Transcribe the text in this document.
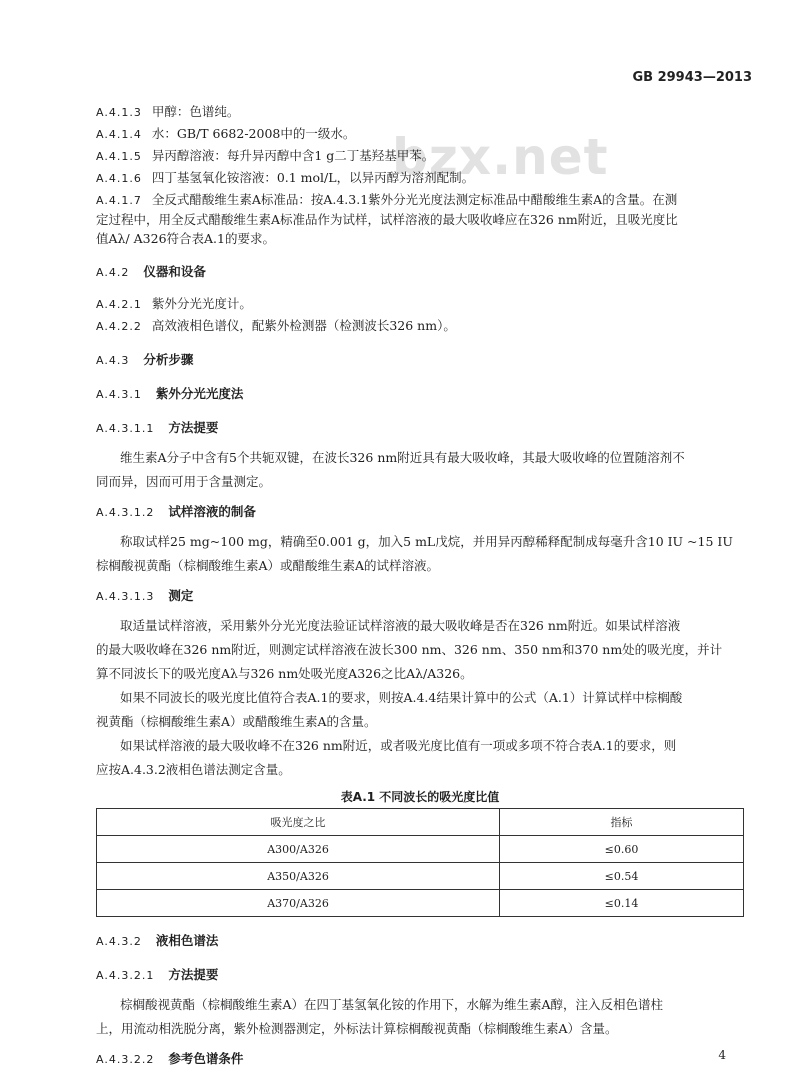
bzx.net
GB 29943—2013

A.4.1.3 甲醇：色谱纯。

A.4.1.4 水：GB/T 6682-2008中的一级水。

A.4.1.5 异丙醇溶液：每升异丙醇中含1 g二丁基羟基甲苯。

A.4.1.6 四丁基氢氧化铵溶液：0.1 mol/L，以异丙醇为溶剂配制。

A.4.1.7 全反式醋酸维生素A标准品：按A.4.3.1紫外分光光度法测定标准品中醋酸维生素A的含量。在测

定过程中，用全反式醋酸维生素A标准品作为试样，试样溶液的最大吸收峰应在326 nm附近，且吸光度比

值Aλ/ A326符合表A.1的要求。

A.4.2 仪器和设备

A.4.2.1 紫外分光光度计。

A.4.2.2 高效液相色谱仪，配紫外检测器（检测波长326 nm）。

A.4.3 分析步骤
A.4.3.1 紫外分光光度法
A.4.3.1.1 方法提要
维生素A分子中含有5个共轭双键，在波长326 nm附近具有最大吸收峰，其最大吸收峰的位置随溶剂不
同而异，因而可用于含量测定。
A.4.3.1.2 试样溶液的制备
称取试样25 mg~100 mg，精确至0.001 g，加入5 mL戊烷，并用异丙醇稀释配制成每毫升含10 IU ~15 IU
棕榈酸视黄酯（棕榈酸维生素A）或醋酸维生素A的试样溶液。
A.4.3.1.3 测定
取适量试样溶液，采用紫外分光光度法验证试样溶液的最大吸收峰是否在326 nm附近。如果试样溶液
的最大吸收峰在326 nm附近，则测定试样溶液在波长300 nm、326 nm、350 nm和370 nm处的吸光度，并计
算不同波长下的吸光度Aλ与326 nm处吸光度A326之比Aλ/A326。
如果不同波长的吸光度比值符合表A.1的要求，则按A.4.4结果计算中的公式（A.1）计算试样中棕榈酸
视黄酯（棕榈酸维生素A）或醋酸维生素A的含量。
如果试样溶液的最大吸收峰不在326 nm附近，或者吸光度比值有一项或多项不符合表A.1的要求，则
应按A.4.3.2液相色谱法测定含量。
表A.1 不同波长的吸光度比值
吸光度之比	指标
A300/A326	≤0.60
A350/A326	≤0.54
A370/A326	≤0.14
A.4.3.2 液相色谱法
A.4.3.2.1 方法提要
棕榈酸视黄酯（棕榈酸维生素A）在四丁基氢氧化铵的作用下，水解为维生素A醇，注入反相色谱柱
上，用流动相洗脱分离，紫外检测器测定，外标法计算棕榈酸视黄酯（棕榈酸维生素A）含量。
A.4.3.2.2 参考色谱条件	4
